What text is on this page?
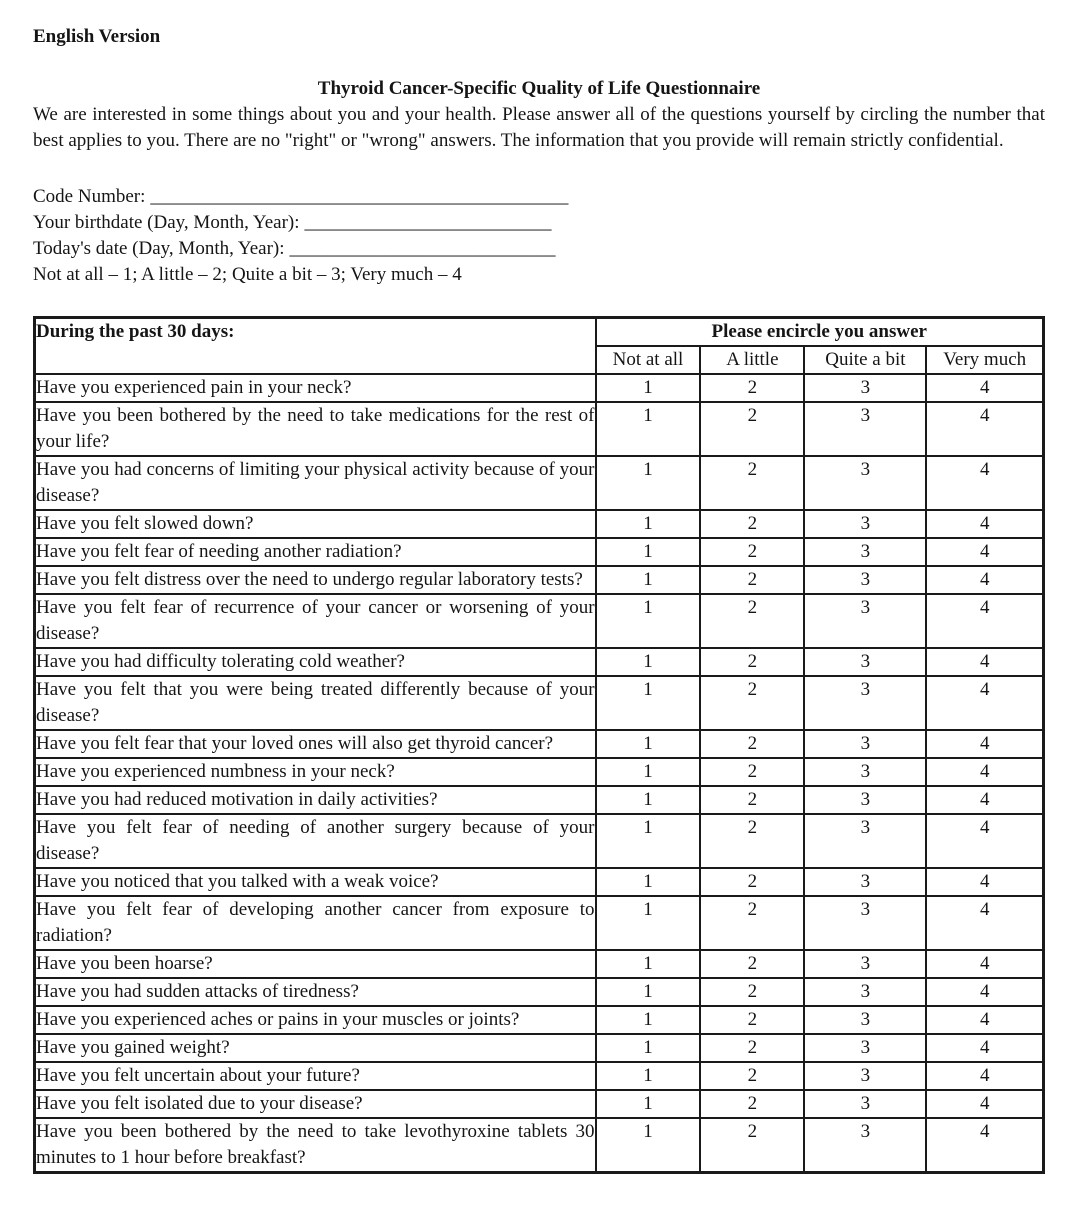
English Version
Thyroid Cancer-Specific Quality of Life Questionnaire

We are interested in some things about you and your health. Please answer all of the questions yourself by circling the number that best applies to you. There are no "right" or "wrong" answers. The information that you provide will remain strictly confidential.

Code Number: ____________________________________________
Your birthdate (Day, Month, Year): __________________________
Today's date (Day, Month, Year): ____________________________
Not at all – 1; A little – 2; Quite a bit – 3; Very much – 4
During the past 30 days:	Please encircle you answer			
	Not at all	A little	Quite a bit	Very much
Have you experienced pain in your neck?	1	2	3	4
Have you been bothered by the need to take medications for the rest of your life?	1	2	3	4
Have you had concerns of limiting your physical activity because of your disease?	1	2	3	4
Have you felt slowed down?	1	2	3	4
Have you felt fear of needing another radiation?	1	2	3	4
Have you felt distress over the need to undergo regular laboratory tests?	1	2	3	4
Have you felt fear of recurrence of your cancer or worsening of your disease?	1	2	3	4
Have you had difficulty tolerating cold weather?	1	2	3	4
Have you felt that you were being treated differently because of your disease?	1	2	3	4
Have you felt fear that your loved ones will also get thyroid cancer?	1	2	3	4
Have you experienced numbness in your neck?	1	2	3	4
Have you had reduced motivation in daily activities?	1	2	3	4
Have you felt fear of needing of another surgery because of your disease?	1	2	3	4
Have you noticed that you talked with a weak voice?	1	2	3	4
Have you felt fear of developing another cancer from exposure to radiation?	1	2	3	4
Have you been hoarse?	1	2	3	4
Have you had sudden attacks of tiredness?	1	2	3	4
Have you experienced aches or pains in your muscles or joints?	1	2	3	4
Have you gained weight?	1	2	3	4
Have you felt uncertain about your future?	1	2	3	4
Have you felt isolated due to your disease?	1	2	3	4
Have you been bothered by the need to take levothyroxine tablets 30 minutes to 1 hour before breakfast?	1	2	3	4
